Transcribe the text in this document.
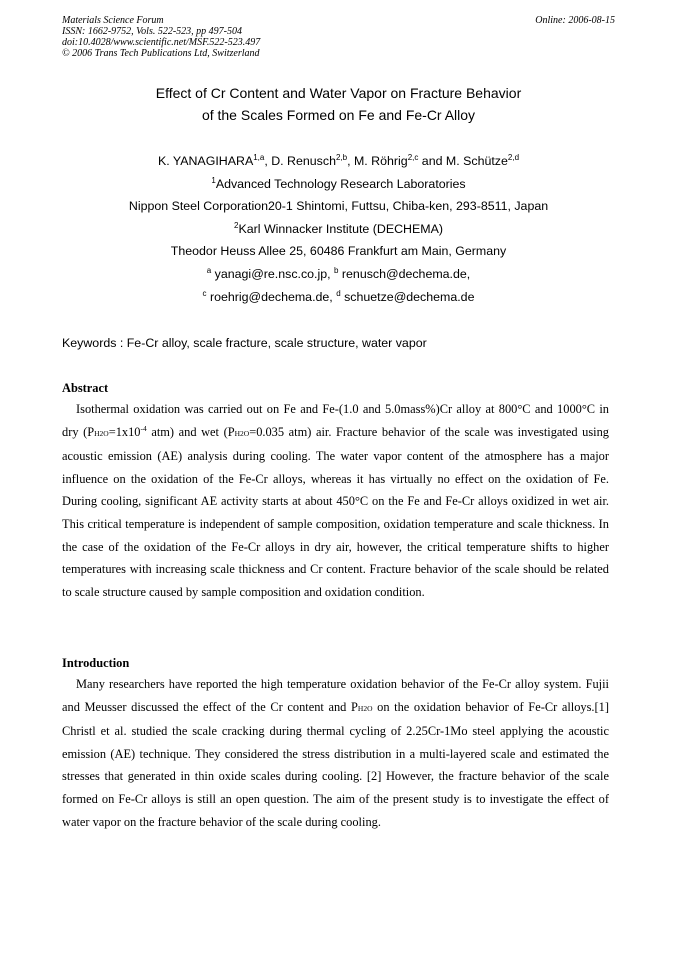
Materials Science Forum
ISSN: 1662-9752, Vols. 522-523, pp 497-504
doi:10.4028/www.scientific.net/MSF.522-523.497
© 2006 Trans Tech Publications Ltd, Switzerland
Online: 2006-08-15
Effect of Cr Content and Water Vapor on Fracture Behavior
of the Scales Formed on Fe and Fe-Cr Alloy
K. YANAGIHARA$^{1,a}$, D. Renusch$^{2,b}$, M. Röhrig$^{2,c}$ and M. Schütze$^{2,d}$
$^1$Advanced Technology Research Laboratories
Nippon Steel Corporation20-1 Shintomi, Futtsu, Chiba-ken, 293-8511, Japan
$^2$Karl Winnacker Institute (DECHEMA)
Theodor Heuss Allee 25, 60486 Frankfurt am Main, Germany
$^a$ yanagi@re.nsc.co.jp, $^b$ renusch@dechema.de,
$^c$ roehrig@dechema.de, $^d$ schuetze@dechema.de
Keywords : Fe-Cr alloy, scale fracture, scale structure, water vapor
Abstract

Isothermal oxidation was carried out on Fe and Fe-(1.0 and 5.0mass%)Cr alloy at 800°C and 1000°C in dry ($PH2O=1x10^{-4}$ atm) and wet (PH2O=0.035 atm) air. Fracture behavior of the scale was investigated using acoustic emission (AE) analysis during cooling. The water vapor content of the atmosphere has a major influence on the oxidation of the Fe-Cr alloys, whereas it has virtually no effect on the oxidation of Fe. During cooling, significant AE activity starts at about 450°C on the Fe and Fe-Cr alloys oxidized in wet air. This critical temperature is independent of sample composition, oxidation temperature and scale thickness. In the case of the oxidation of the Fe-Cr alloys in dry air, however, the critical temperature shifts to higher temperatures with increasing scale thickness and Cr content. Fracture behavior of the scale should be related to scale structure caused by sample composition and oxidation condition.

Introduction

Many researchers have reported the high temperature oxidation behavior of the Fe-Cr alloy system. Fujii and Meusser discussed the effect of the Cr content and PH2O on the oxidation behavior of Fe-Cr alloys.[1] Christl et al. studied the scale cracking during thermal cycling of 2.25Cr-1Mo steel applying the acoustic emission (AE) technique. They considered the stress distribution in a multi-layered scale and estimated the stresses that generated in thin oxide scales during cooling. [2] However, the fracture behavior of the scale formed on Fe-Cr alloys is still an open question. The aim of the present study is to investigate the effect of water vapor on the fracture behavior of the scale during cooling.
